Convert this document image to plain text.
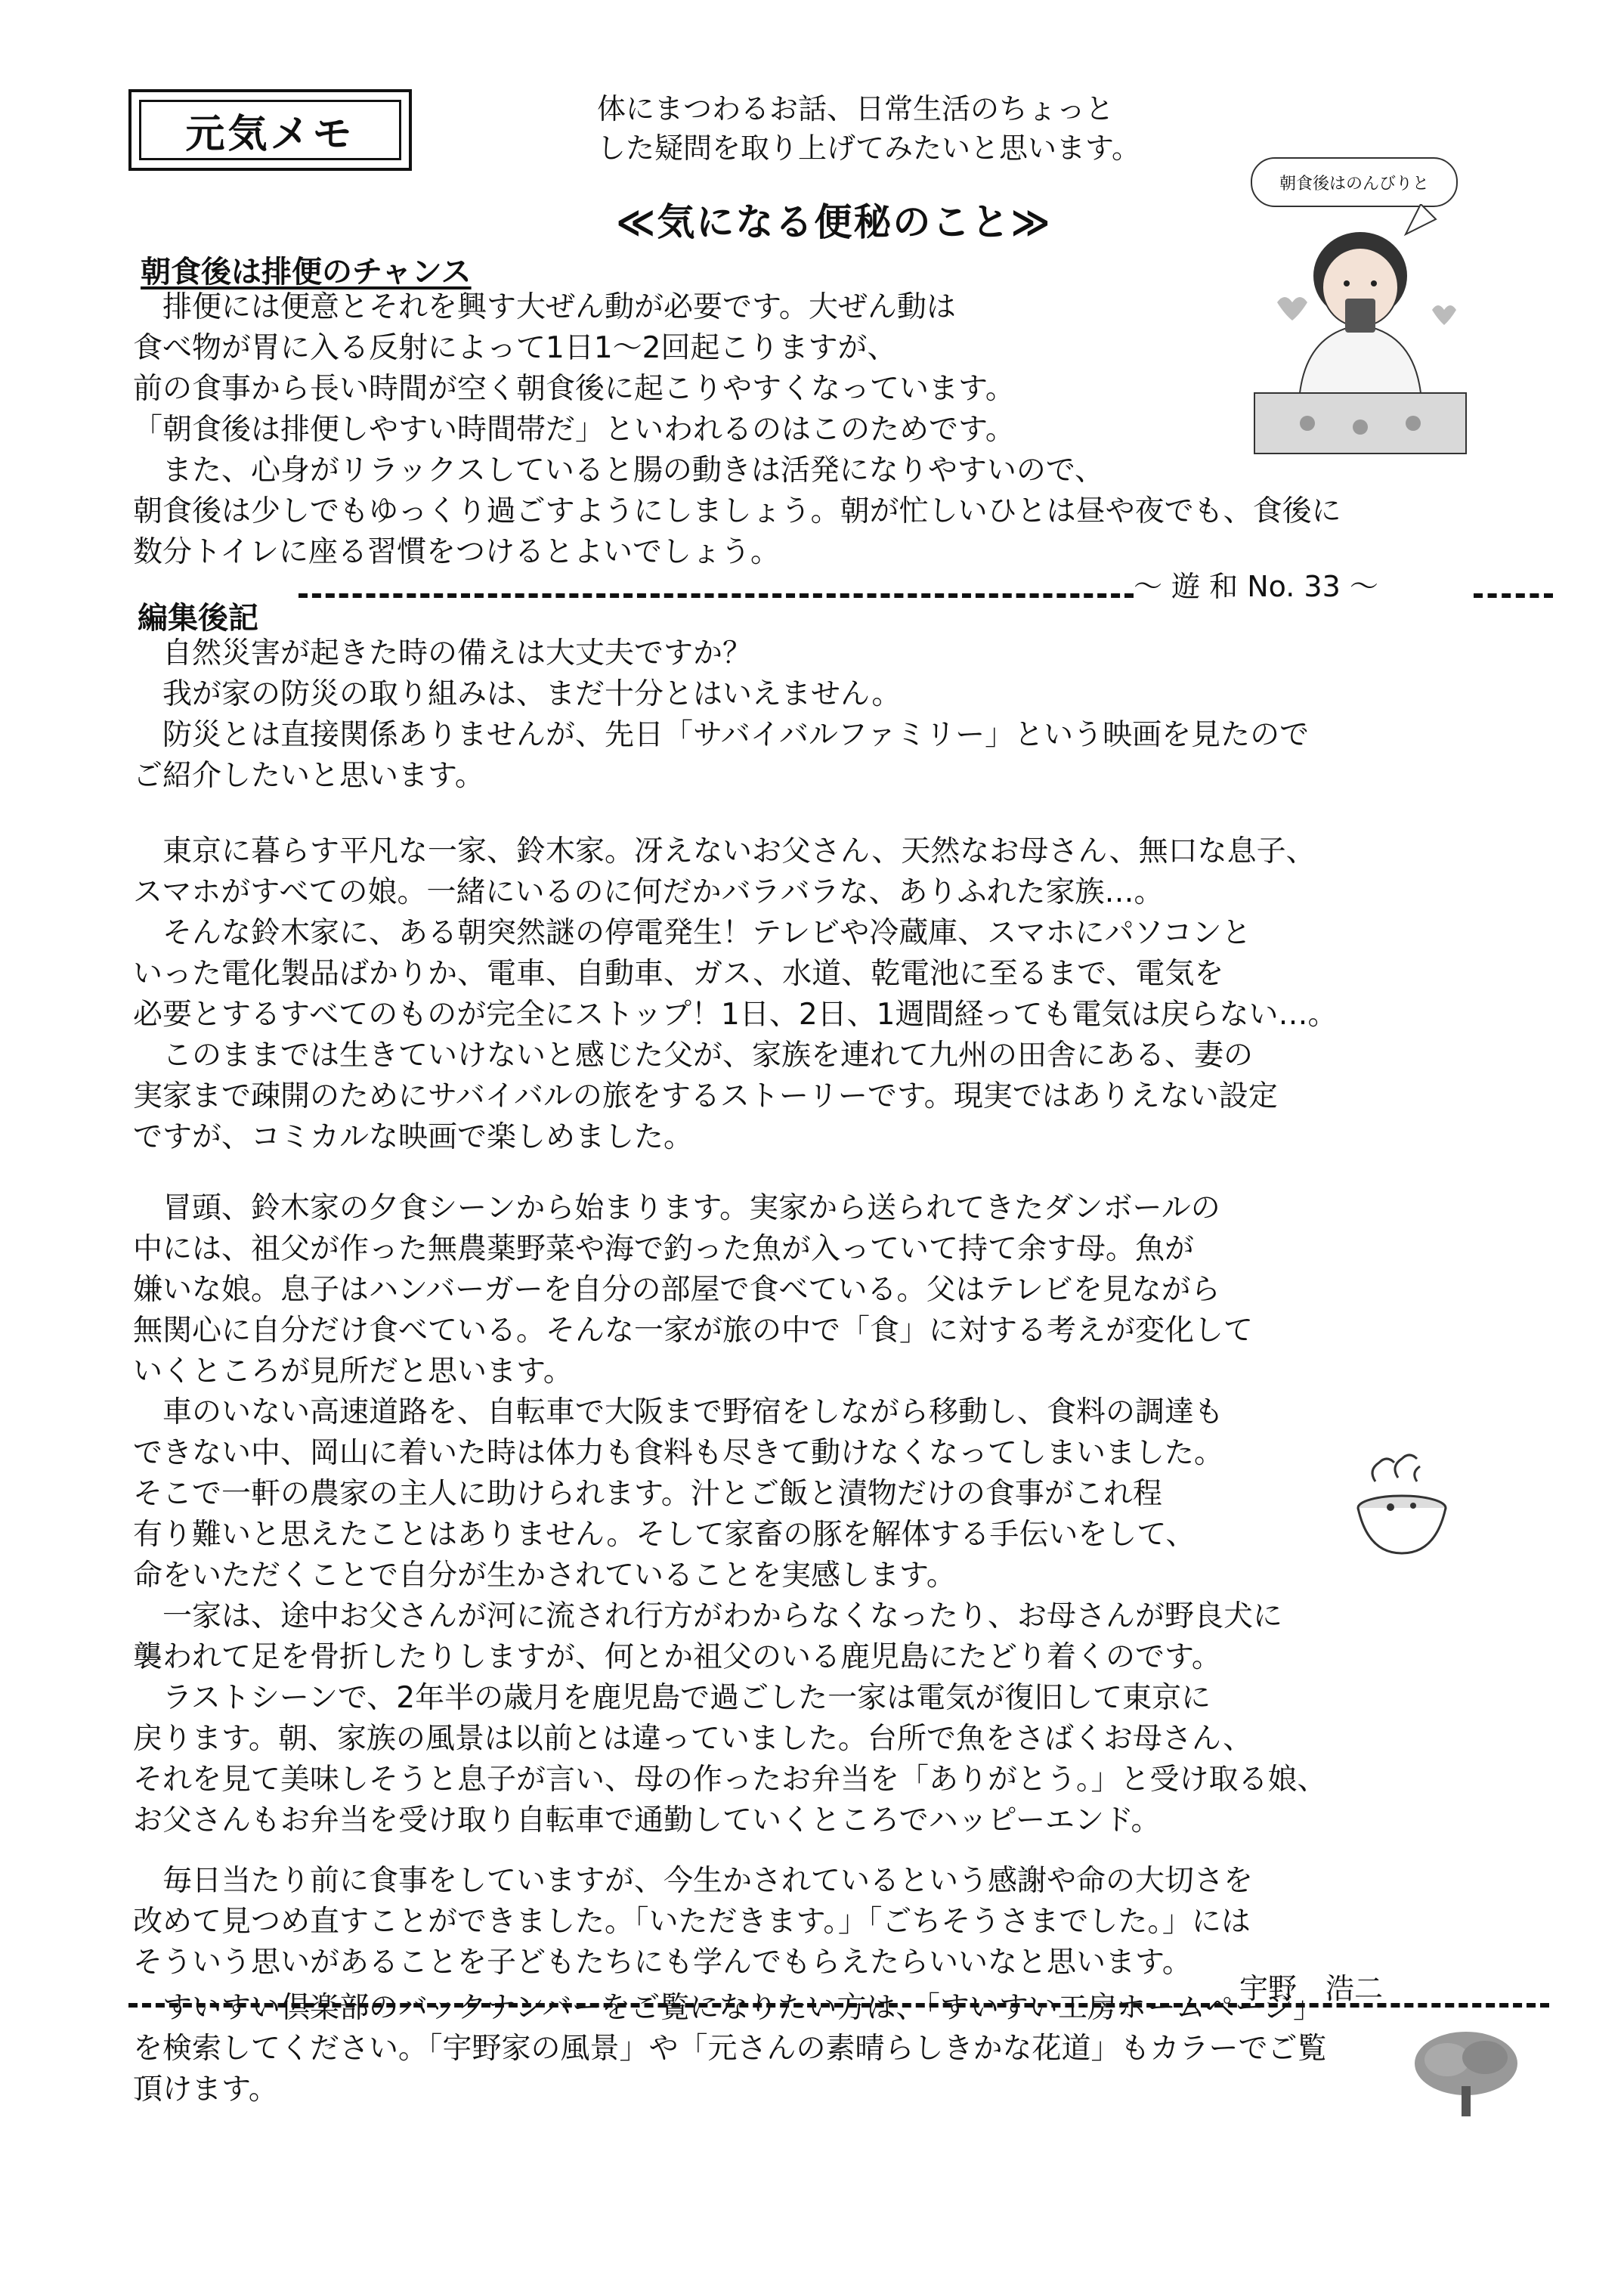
元気メモ
体にまつわるお話、日常生活のちょっと
した疑問を取り上げてみたいと思います。
≪気になる便秘のこと≫
朝食後はのんびりと
朝食後は排便のチャンス
　排便には便意とそれを興す大ぜん動が必要です。大ぜん動は
食べ物が胃に入る反射によって1日1～2回起こりますが、
前の食事から長い時間が空く朝食後に起こりやすくなっています。
「朝食後は排便しやすい時間帯だ」といわれるのはこのためです。
　また、心身がリラックスしていると腸の動きは活発になりやすいので、
朝食後は少しでもゆっくり過ごすようにしましょう。朝が忙しいひとは昼や夜でも、食後に
数分トイレに座る習慣をつけるとよいでしょう。
～ 遊 和 No. 33 ～
編集後記
　自然災害が起きた時の備えは大丈夫ですか？
　我が家の防災の取り組みは、まだ十分とはいえません。
　防災とは直接関係ありませんが、先日「サバイバルファミリー」という映画を見たので
ご紹介したいと思います。
　東京に暮らす平凡な一家、鈴木家。冴えないお父さん、天然なお母さん、無口な息子、
スマホがすべての娘。一緒にいるのに何だかバラバラな、ありふれた家族…。
　そんな鈴木家に、ある朝突然謎の停電発生！テレビや冷蔵庫、スマホにパソコンと
いった電化製品ばかりか、電車、自動車、ガス、水道、乾電池に至るまで、電気を
必要とするすべてのものが完全にストップ！1日、2日、1週間経っても電気は戻らない…。
　このままでは生きていけないと感じた父が、家族を連れて九州の田舎にある、妻の
実家まで疎開のためにサバイバルの旅をするストーリーです。現実ではありえない設定
ですが、コミカルな映画で楽しめました。
　冒頭、鈴木家の夕食シーンから始まります。実家から送られてきたダンボールの
中には、祖父が作った無農薬野菜や海で釣った魚が入っていて持て余す母。魚が
嫌いな娘。息子はハンバーガーを自分の部屋で食べている。父はテレビを見ながら
無関心に自分だけ食べている。そんな一家が旅の中で「食」に対する考えが変化して
いくところが見所だと思います。
　車のいない高速道路を、自転車で大阪まで野宿をしながら移動し、食料の調達も
できない中、岡山に着いた時は体力も食料も尽きて動けなくなってしまいました。
そこで一軒の農家の主人に助けられます。汁とご飯と漬物だけの食事がこれ程
有り難いと思えたことはありません。そして家畜の豚を解体する手伝いをして、
命をいただくことで自分が生かされていることを実感します。
　一家は、途中お父さんが河に流され行方がわからなくなったり、お母さんが野良犬に
襲われて足を骨折したりしますが、何とか祖父のいる鹿児島にたどり着くのです。
　ラストシーンで、2年半の歳月を鹿児島で過ごした一家は電気が復旧して東京に
戻ります。朝、家族の風景は以前とは違っていました。台所で魚をさばくお母さん、
それを見て美味しそうと息子が言い、母の作ったお弁当を「ありがとう。」と受け取る娘、
お父さんもお弁当を受け取り自転車で通勤していくところでハッピーエンド。
　毎日当たり前に食事をしていますが、今生かされているという感謝や命の大切さを
改めて見つめ直すことができました。「いただきます。」「ごちそうさまでした。」には
そういう思いがあることを子どもたちにも学んでもらえたらいいなと思います。
宇野　浩二
　すいすい倶楽部のバックナンバーをご覧になりたい方は、「すいすい工房ホームページ」
を検索してください。「宇野家の風景」や「元さんの素晴らしきかな花道」もカラーでご覧
頂けます。
